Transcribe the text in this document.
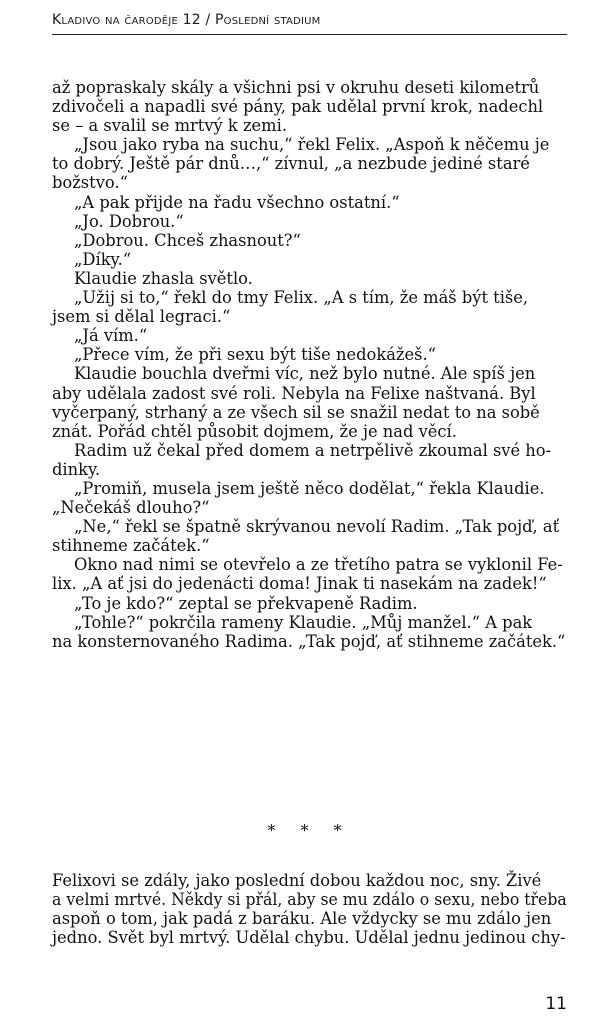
Kladivo na čaroděje 12 / Poslední stadium
až popraskaly skály a všichni psi v okruhu deseti kilometrů
zdivočeli a napadli své pány, pak udělal první krok, nadechl
se – a svalil se mrtvý k zemi.
„Jsou jako ryba na suchu,“ řekl Felix. „Aspoň k něčemu je
to dobrý. Ještě pár dnů…,“ zívnul, „a nezbude jediné staré
božstvo.“
„A pak přijde na řadu všechno ostatní.“
„Jo. Dobrou.“
„Dobrou. Chceš zhasnout?“
„Díky.“
Klaudie zhasla světlo.
„Užij si to,“ řekl do tmy Felix. „A s tím, že máš být tiše,
jsem si dělal legraci.“
„Já vím.“
„Přece vím, že při sexu být tiše nedokážeš.“
Klaudie bouchla dveřmi víc, než bylo nutné. Ale spíš jen
aby udělala zadost své roli. Nebyla na Felixe naštvaná. Byl
vyčerpaný, strhaný a ze všech sil se snažil nedat to na sobě
znát. Pořád chtěl působit dojmem, že je nad věcí.
Radim už čekal před domem a netrpělivě zkoumal své ho-
dinky.
„Promiň, musela jsem ještě něco dodělat,“ řekla Klaudie.
„Nečekáš dlouho?“
„Ne,“ řekl se špatně skrývanou nevolí Radim. „Tak pojď, ať
stihneme začátek.“
Okno nad nimi se otevřelo a ze třetího patra se vyklonil Fe-
lix. „A ať jsi do jedenácti doma! Jinak ti nasekám na zadek!“
„To je kdo?“ zeptal se překvapeně Radim.
„Tohle?“ pokrčila rameny Klaudie. „Můj manžel.“ A pak
na konsternovaného Radima. „Tak pojď, ať stihneme začátek.“
* * *
Felixovi se zdály, jako poslední dobou každou noc, sny. Živé
a velmi mrtvé. Někdy si přál, aby se mu zdálo o sexu, nebo třeba
aspoň o tom, jak padá z baráku. Ale vždycky se mu zdálo jen
jedno. Svět byl mrtvý. Udělal chybu. Udělal jednu jedinou chy-
11
